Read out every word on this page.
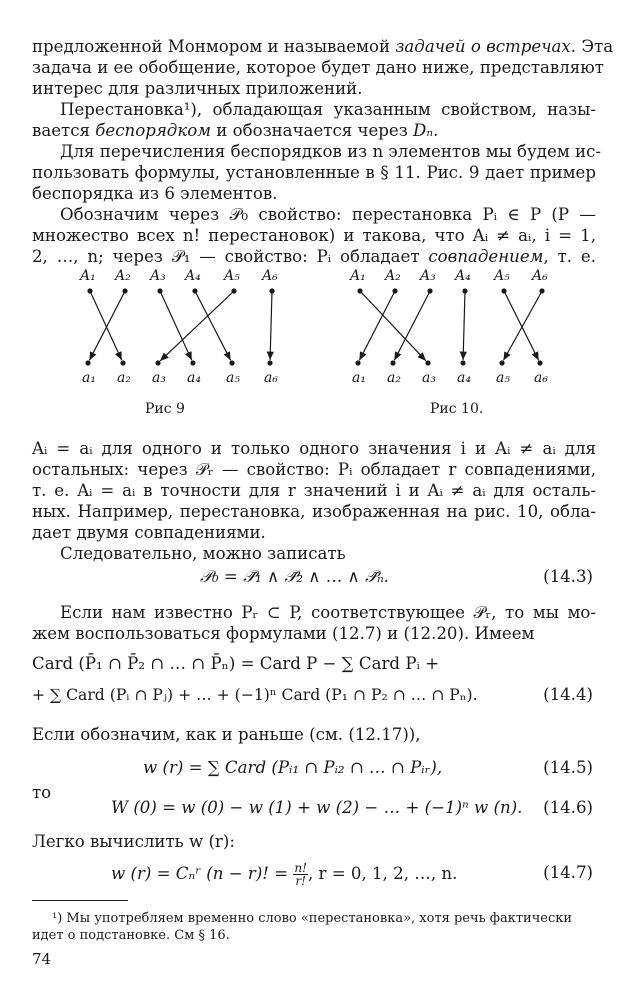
предложенной Монмором и называемой задачей о встречах. Эта
задача и ее обобщение, которое будет дано ниже, представляют
интерес для различных приложений.
Перестановка¹), обладающая указанным свойством, назы-
вается беспорядком и обозначается через Dₙ.
Для перечисления беспорядков из n элементов мы будем ис-
пользовать формулы, установленные в § 11. Рис. 9 дает пример
беспорядка из 6 элементов.
Обозначим через 𝒫₀ свойство: перестановка Pᵢ ∈ P (P —
множество всех n! перестановок) и такова, что Aᵢ ≠ aᵢ, i = 1,
2, …, n; через 𝒫₁ — свойство: Pᵢ обладает совпадением, т. е.
A₁ A₂ A₃ A₄ A₅ A₆
a₁ a₂ a₃ a₄ a₅ a₆
Рис 9
A₁ A₂ A₃ A₄ A₅ A₆
a₁ a₂ a₃ a₄ a₅ a₆
Рис 10.
Aᵢ = aᵢ для одного и только одного значения i и Aᵢ ≠ aᵢ для
остальных: через 𝒫ᵣ — свойство: Pᵢ обладает r совпадениями,
т. е. Aᵢ = aᵢ в точности для r значений i и Aᵢ ≠ aᵢ для осталь-
ных. Например, перестановка, изображенная на рис. 10, обла-
дает двумя совпадениями.
Следовательно, можно записать
𝒫₀ = 𝒫̄₁ ∧ 𝒫̄₂ ∧ … ∧ 𝒫̄ₙ.	(14.3)
Если нам известно Pᵣ ⊂ P, соответствующее 𝒫ᵣ, то мы мо-
жем воспользоваться формулами (12.7) и (12.20). Имеем
Card (P̄₁ ∩ P̄₂ ∩ … ∩ P̄ₙ) = Card P − ∑ Card Pᵢ +
+ ∑ Card (Pᵢ ∩ Pⱼ) + … + (−1)ⁿ Card (P₁ ∩ P₂ ∩ … ∩ Pₙ).	(14.4)
Если обозначим, как и раньше (см. (12.17)),
w (r) = ∑ Card (Pᵢ₁ ∩ Pᵢ₂ ∩ … ∩ Pᵢᵣ),	(14.5)
то
W (0) = w (0) − w (1) + w (2) − … + (−1)ⁿ w (n). (14.6)
Легко вычислить w (r):
w (r) = Cₙʳ (n − r)! = $\frac{n!}{r!}$ , r = 0, 1, 2, …, n.	(14.7)
¹) Мы употребляем временно слово «перестановка», хотя речь фактически
идет о подстановке. См § 16.
74
